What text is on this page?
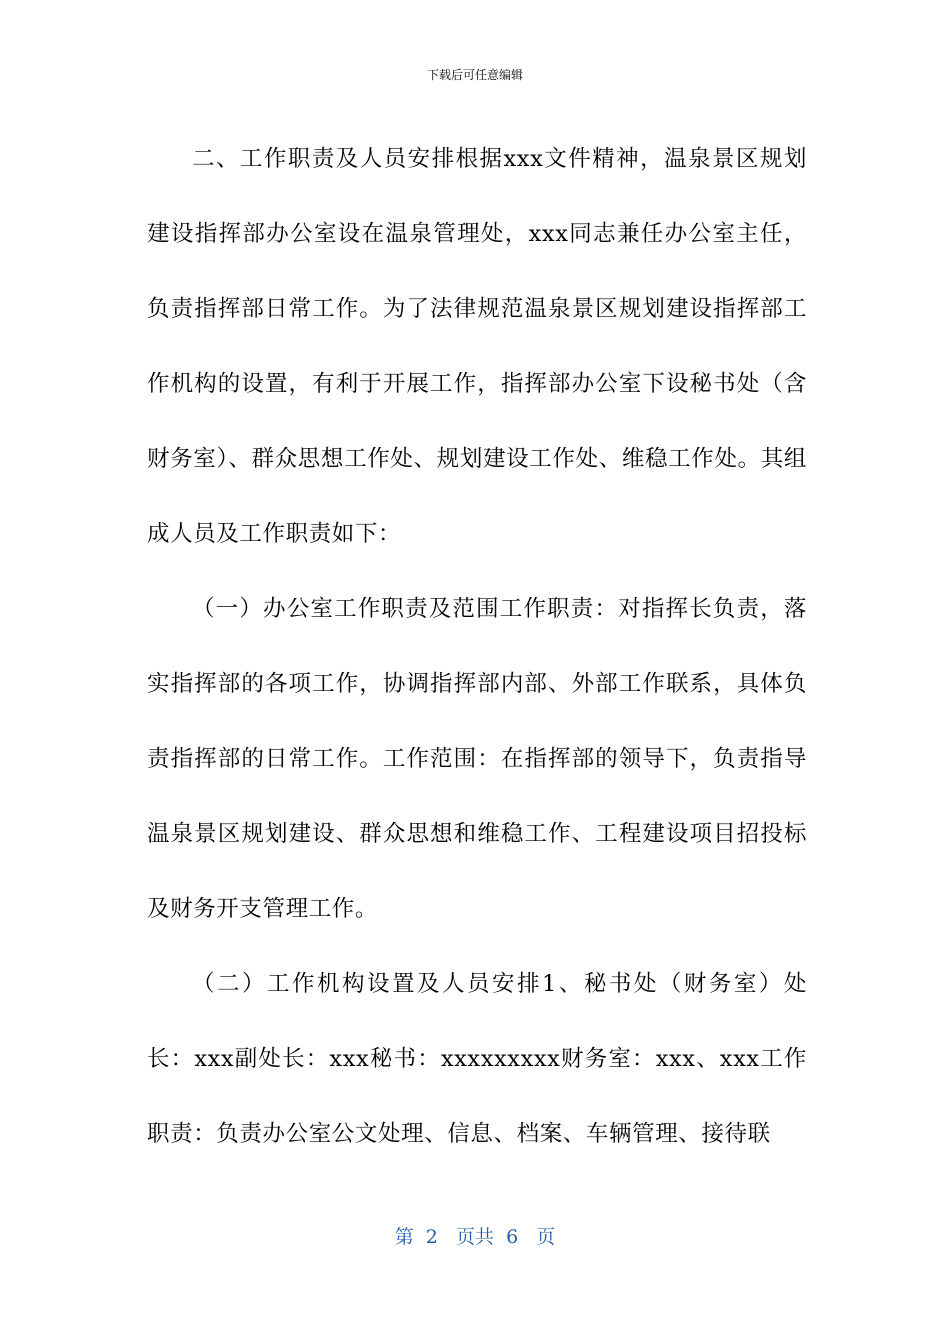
下载后可任意编辑

二、工作职责及人员安排根据xxx文件精神，温泉景区规划建设指挥部办公室设在温泉管理处，xxx同志兼任办公室主任，负责指挥部日常工作。为了法律规范温泉景区规划建设指挥部工作机构的设置，有利于开展工作，指挥部办公室下设秘书处（含财务室）、群众思想工作处、规划建设工作处、维稳工作处。其组成人员及工作职责如下：

（一）办公室工作职责及范围工作职责：对指挥长负责，落实指挥部的各项工作，协调指挥部内部、外部工作联系，具体负责指挥部的日常工作。工作范围：在指挥部的领导下，负责指导温泉景区规划建设、群众思想和维稳工作、工程建设项目招投标及财务开支管理工作。

（二）工作机构设置及人员安排1、秘书处（财务室）处长：xxx副处长：xxx秘书：xxxxxxxxx财务室：xxx、xxx工作职责：负责办公室公文处理、信息、档案、车辆管理、接待联

第  2   页共  6   页
